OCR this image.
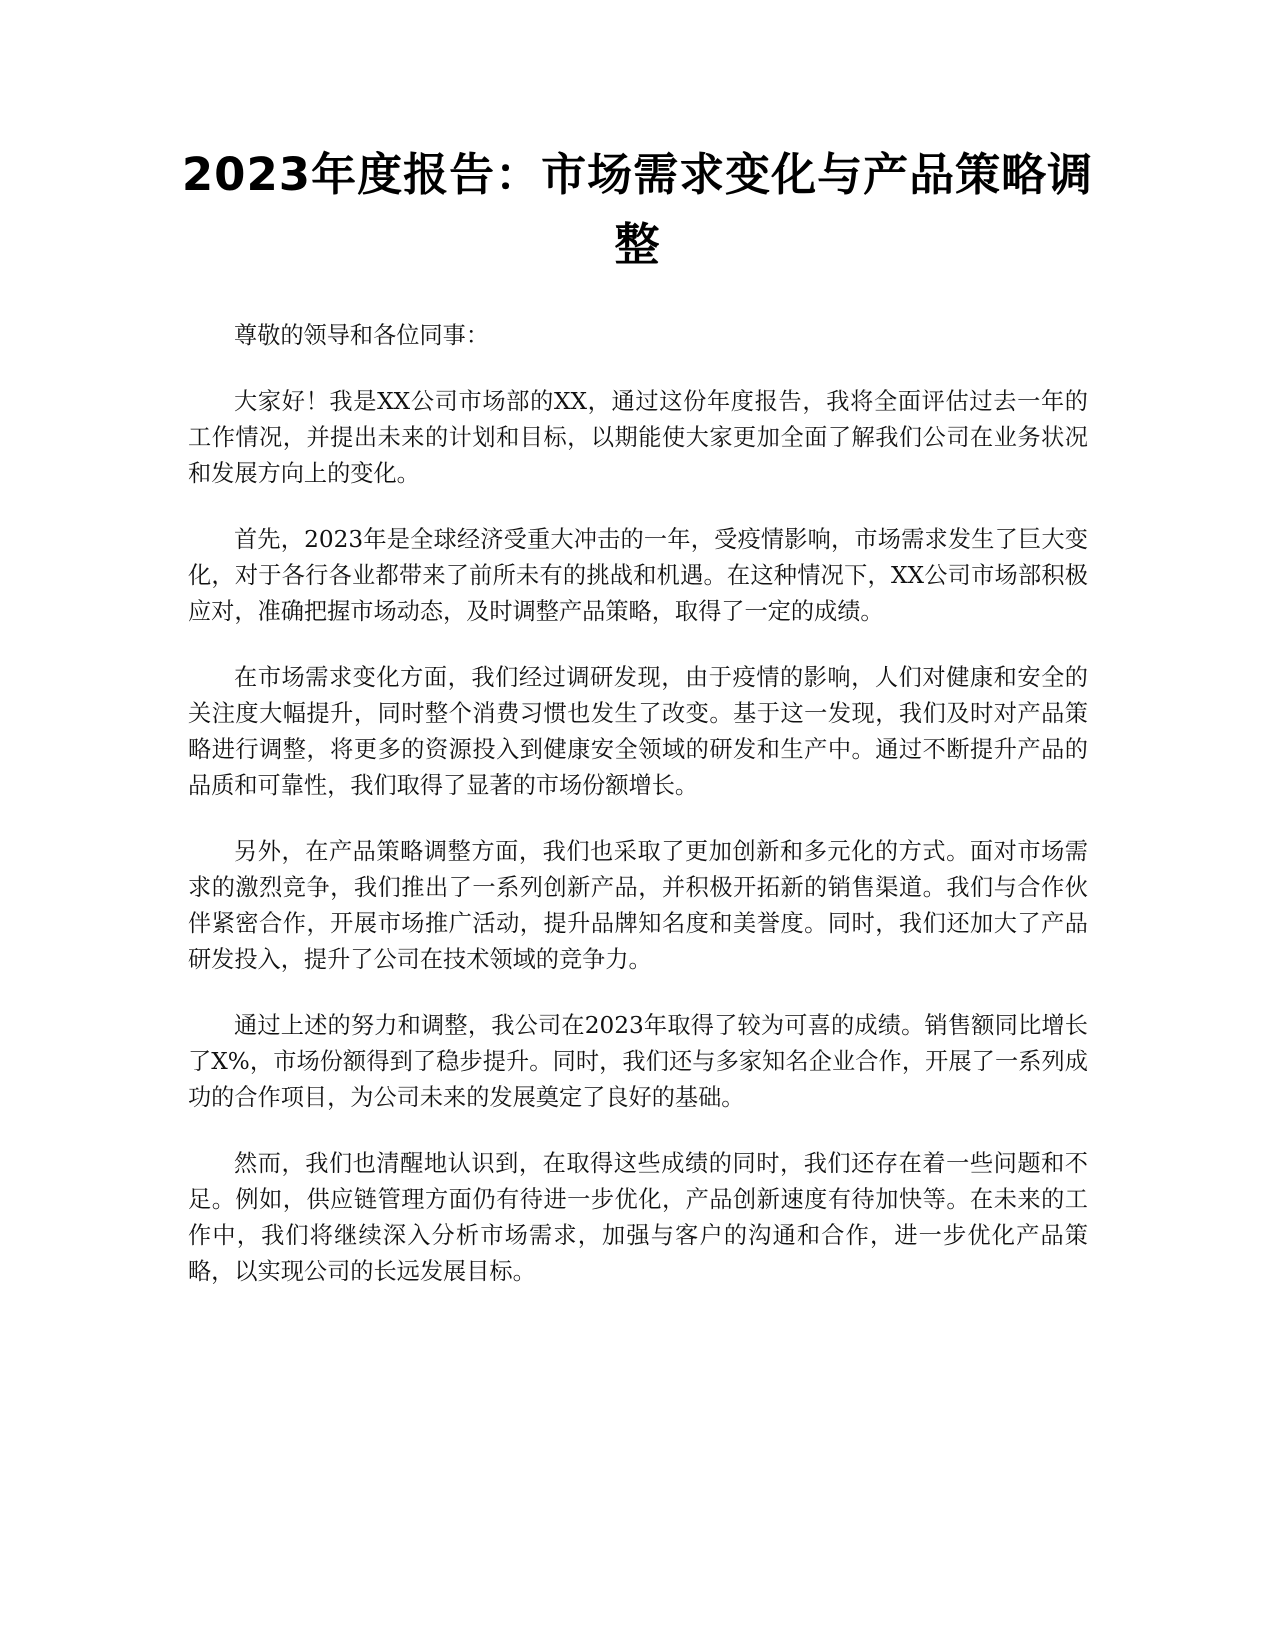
2023年度报告：市场需求变化与产品策略调整

尊敬的领导和各位同事：

大家好！我是XX公司市场部的XX，通过这份年度报告，我将全面评估过去一年的工作情况，并提出未来的计划和目标，以期能使大家更加全面了解我们公司在业务状况和发展方向上的变化。

首先，2023年是全球经济受重大冲击的一年，受疫情影响，市场需求发生了巨大变化，对于各行各业都带来了前所未有的挑战和机遇。在这种情况下，XX公司市场部积极应对，准确把握市场动态，及时调整产品策略，取得了一定的成绩。

在市场需求变化方面，我们经过调研发现，由于疫情的影响，人们对健康和安全的关注度大幅提升，同时整个消费习惯也发生了改变。基于这一发现，我们及时对产品策略进行调整，将更多的资源投入到健康安全领域的研发和生产中。通过不断提升产品的品质和可靠性，我们取得了显著的市场份额增长。

另外，在产品策略调整方面，我们也采取了更加创新和多元化的方式。面对市场需求的激烈竞争，我们推出了一系列创新产品，并积极开拓新的销售渠道。我们与合作伙伴紧密合作，开展市场推广活动，提升品牌知名度和美誉度。同时，我们还加大了产品研发投入，提升了公司在技术领域的竞争力。

通过上述的努力和调整，我公司在2023年取得了较为可喜的成绩。销售额同比增长了X%，市场份额得到了稳步提升。同时，我们还与多家知名企业合作，开展了一系列成功的合作项目，为公司未来的发展奠定了良好的基础。

然而，我们也清醒地认识到，在取得这些成绩的同时，我们还存在着一些问题和不足。例如，供应链管理方面仍有待进一步优化，产品创新速度有待加快等。在未来的工作中，我们将继续深入分析市场需求，加强与客户的沟通和合作，进一步优化产品策略，以实现公司的长远发展目标。
